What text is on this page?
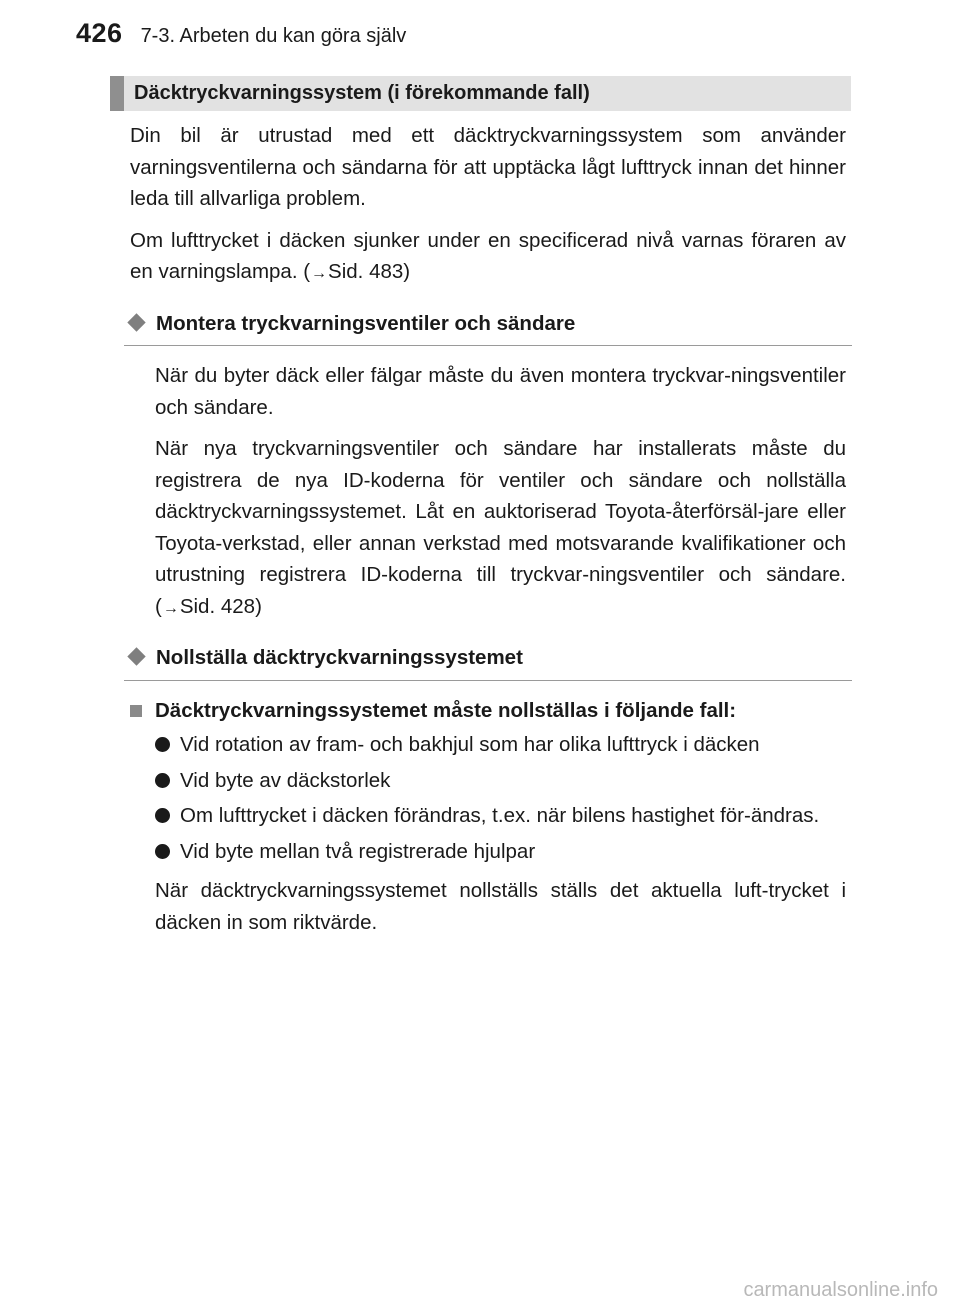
426 7-3. Arbeten du kan göra själv
Däcktryckvarningssystem (i förekommande fall)

Din bil är utrustad med ett däcktryckvarningssystem som använder varningsventilerna och sändarna för att upptäcka lågt lufttryck innan det hinner leda till allvarliga problem.

Om lufttrycket i däcken sjunker under en specificerad nivå varnas föraren av en varningslampa. (→Sid. 483)

Montera tryckvarningsventiler och sändare

När du byter däck eller fälgar måste du även montera tryckvar-ningsventiler och sändare.

När nya tryckvarningsventiler och sändare har installerats måste du registrera de nya ID-koderna för ventiler och sändare och nollställa däcktryckvarningssystemet. Låt en auktoriserad Toyota-återförsäl-jare eller Toyota-verkstad, eller annan verkstad med motsvarande kvalifikationer och utrustning registrera ID-koderna till tryckvar-ningsventiler och sändare. (→Sid. 428)

Nollställa däcktryckvarningssystemet
Däcktryckvarningssystemet måste nollställas i följande fall:
Vid rotation av fram- och bakhjul som har olika lufttryck i däcken
Vid byte av däckstorlek
Om lufttrycket i däcken förändras, t.ex. när bilens hastighet för-ändras.
Vid byte mellan två registrerade hjulpar

När däcktryckvarningssystemet nollställs ställs det aktuella luft-trycket i däcken in som riktvärde.

carmanualsonline.info
